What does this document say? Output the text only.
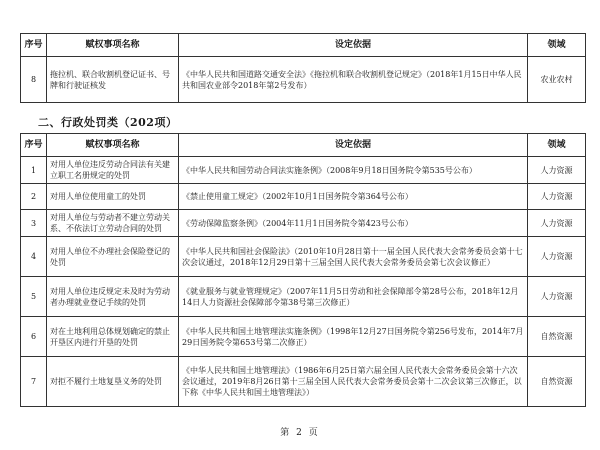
序号	赋权事项名称	设定依据	领域
8	拖拉机、联合收割机登记证书、号牌和行驶证核发	《中华人民共和国道路交通安全法》《拖拉机和联合收割机登记规定》（2018年1月15日中华人民共和国农业部令2018年第2号发布）	农业农村
二、行政处罚类（202项）
序号	赋权事项名称	设定依据	领域
1	对用人单位违反劳动合同法有关建立职工名册规定的处罚	《中华人民共和国劳动合同法实施条例》（2008年9月18日国务院令第535号公布）	人力资源
2	对用人单位使用童工的处罚	《禁止使用童工规定》（2002年10月1日国务院令第364号公布）	人力资源
3	对用人单位与劳动者不建立劳动关系、不依法订立劳动合同的处罚	《劳动保障监察条例》（2004年11月1日国务院令第423号公布）	人力资源
4	对用人单位不办理社会保险登记的处罚	《中华人民共和国社会保险法》（2010年10月28日第十一届全国人民代表大会常务委员会第十七次会议通过，2018年12月29日第十三届全国人民代表大会常务委员会第七次会议修正）	人力资源
5	对用人单位违反规定未及时为劳动者办理就业登记手续的处罚	《就业服务与就业管理规定》（2007年11月5日劳动和社会保障部令第28号公布，2018年12月14日人力资源社会保障部令第38号第三次修正）	人力资源
6	对在土地利用总体规划确定的禁止开垦区内进行开垦的处罚	《中华人民共和国土地管理法实施条例》（1998年12月27日国务院令第256号发布，2014年7月29日国务院令第653号第二次修正）	自然资源
7	对拒不履行土地复垦义务的处罚	《中华人民共和国土地管理法》（1986年6月25日第六届全国人民代表大会常务委员会第十六次会议通过，2019年8月26日第十三届全国人民代表大会常务委员会第十二次会议第三次修正，以下称《中华人民共和国土地管理法》）	自然资源
第 2 页
